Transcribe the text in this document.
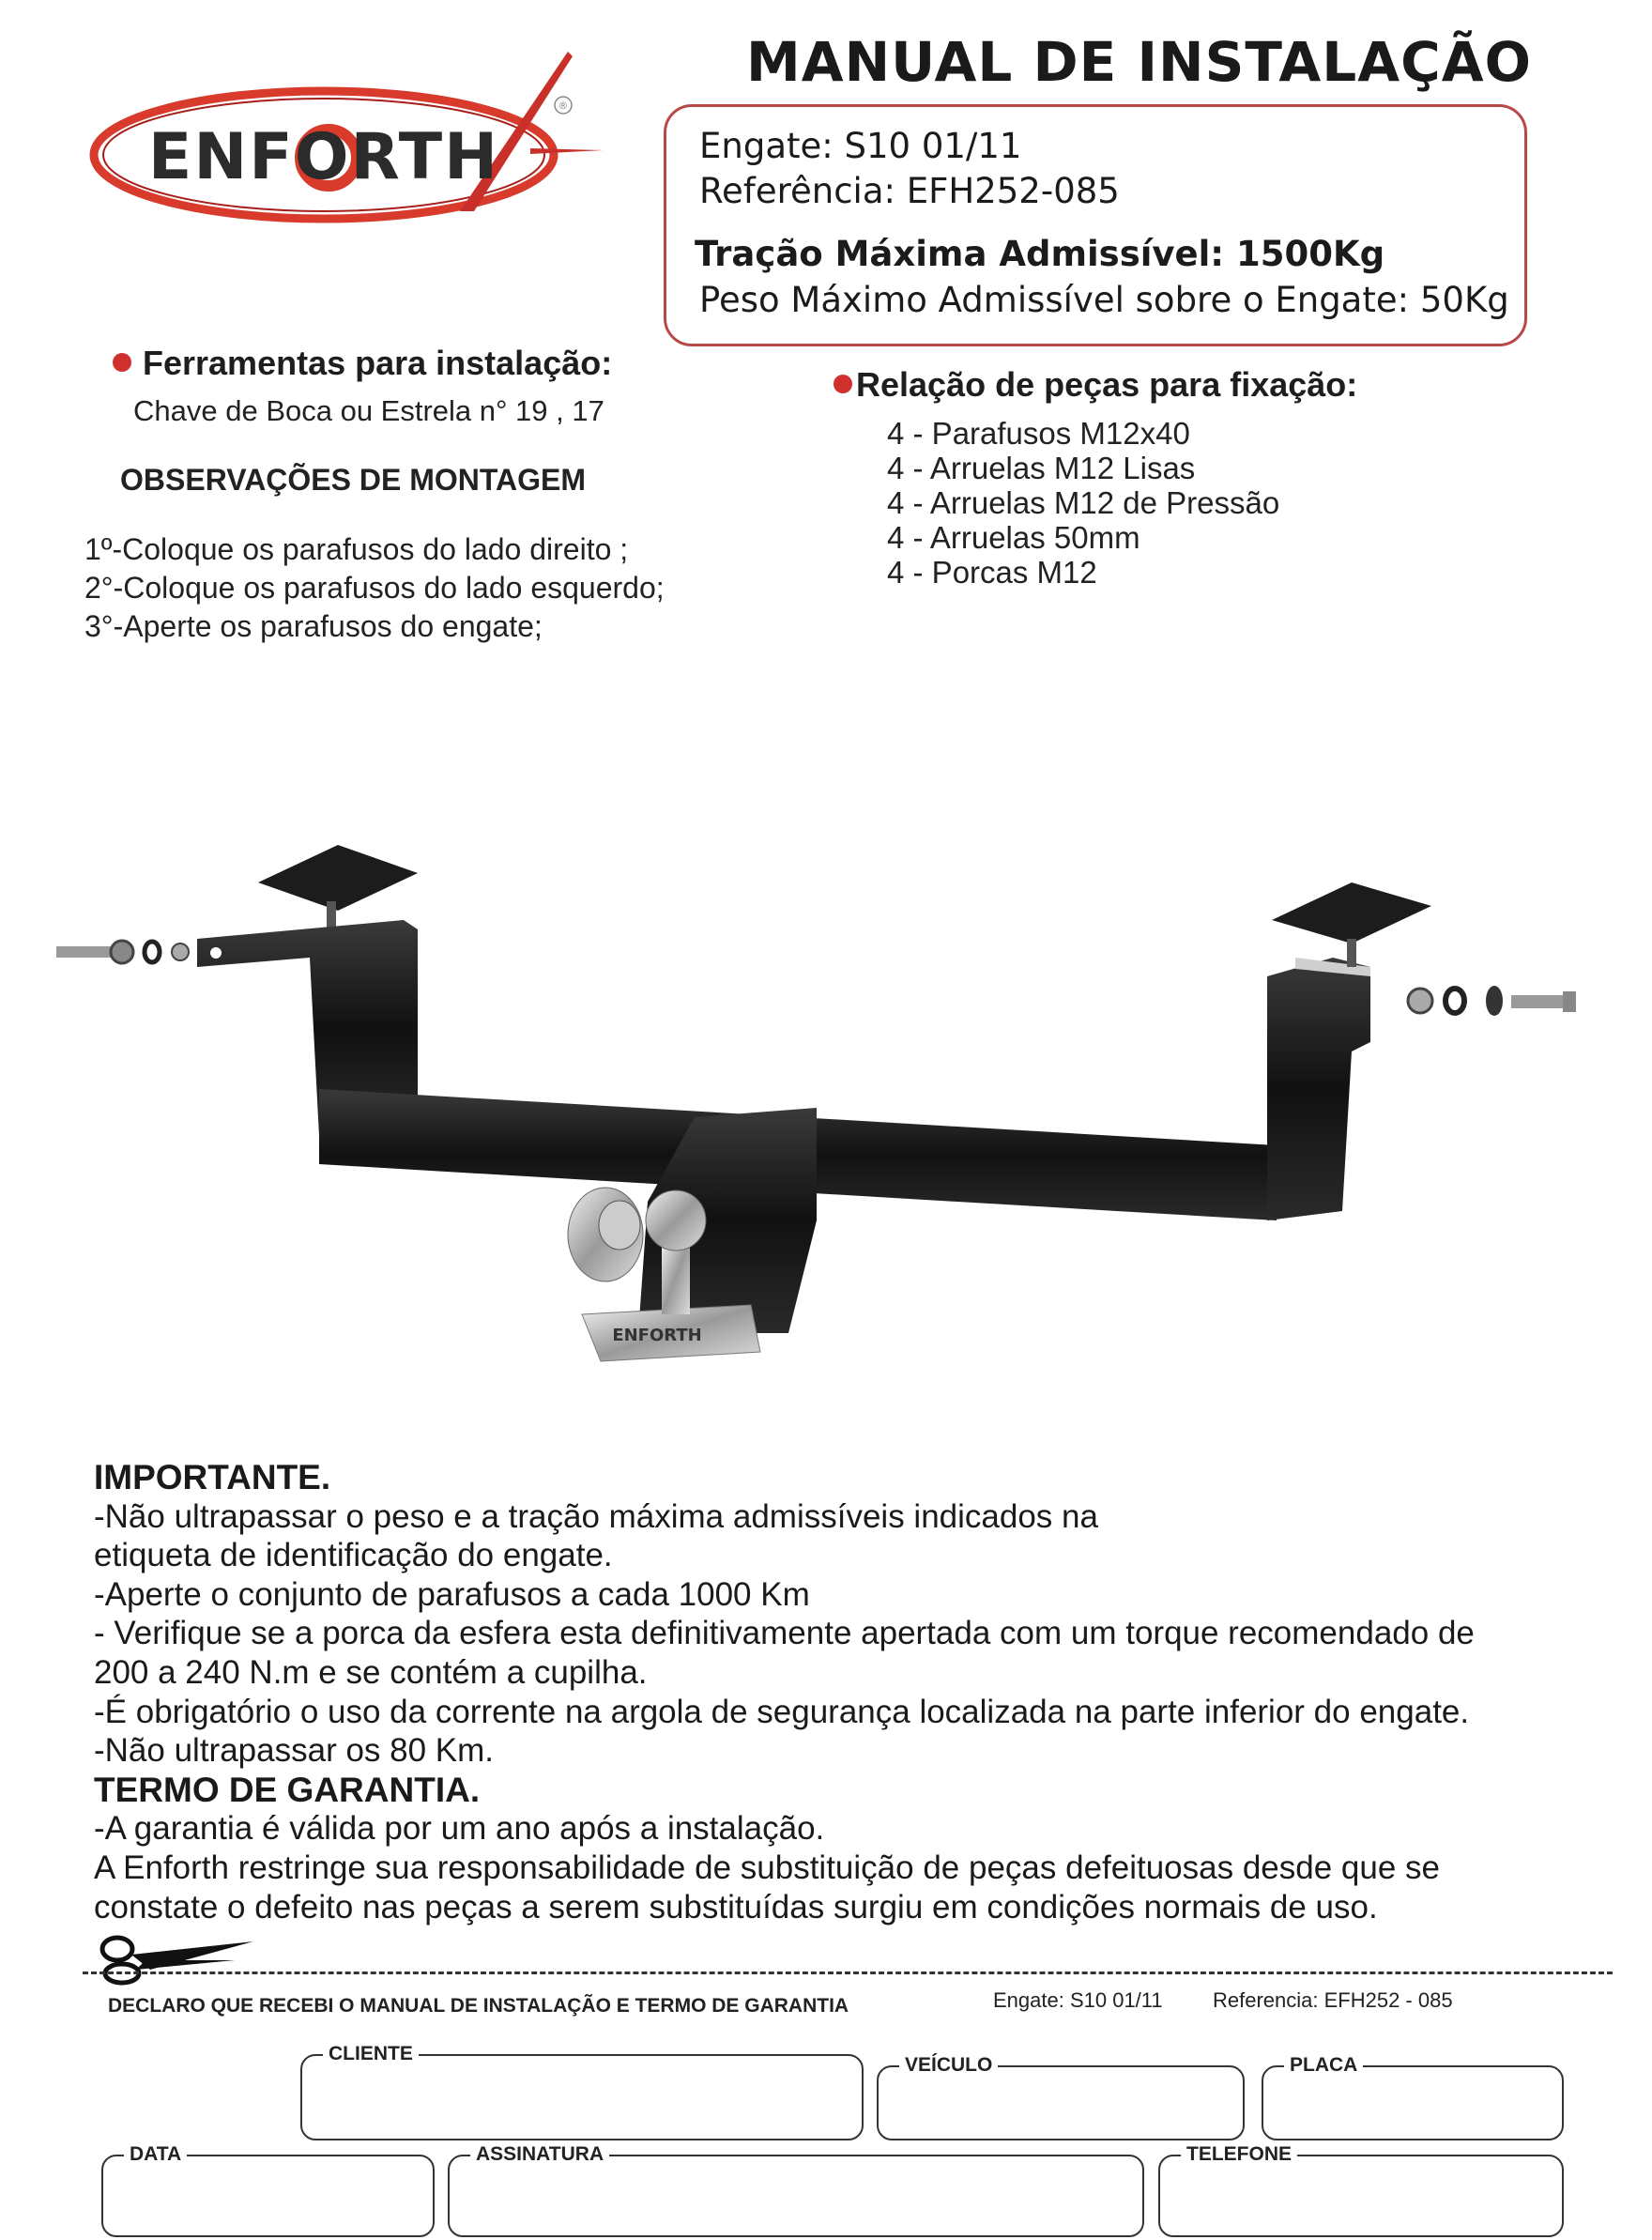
®
ENFORTH
MANUAL DE INSTALAÇÃO
Engate: S10 01/11
Referência: EFH252-085
Tração Máxima Admissível: 1500Kg
Peso Máximo Admissível sobre o Engate: 50Kg
Ferramentas para instalação:
Chave de Boca ou Estrela n° 19 , 17
Relação de peças para fixação:
4 - Parafusos M12x40
4 - Arruelas M12 Lisas
4 - Arruelas M12 de Pressão
4 - Arruelas 50mm
4 - Porcas M12
OBSERVAÇÕES DE MONTAGEM
1º-Coloque os parafusos do lado direito ;
2°-Coloque os parafusos do lado esquerdo;
3°-Aperte os parafusos do engate;
ENFORTH
IMPORTANTE.
-Não ultrapassar o peso e a tração máxima admissíveis indicados na
etiqueta de identificação do engate.
-Aperte o conjunto de parafusos a cada 1000 Km
- Verifique se a porca da esfera esta definitivamente apertada com um torque recomendado de
200 a 240 N.m e se contém a cupilha.
-É obrigatório o uso da corrente na argola de segurança localizada na parte inferior do engate.
-Não ultrapassar os 80 Km.
TERMO DE GARANTIA.
-A garantia é válida por um ano após a instalação.
A Enforth restringe sua responsabilidade de substituição de peças defeituosas desde que se
constate o defeito nas peças a serem substituídas surgiu em condições normais de uso.
DECLARO QUE RECEBI O MANUAL DE INSTALAÇÃO E TERMO DE GARANTIA	Engate: S10 01/11 Referencia: EFH252 - 085
CLIENTE
VEÍCULO	PLACA
DATA	ASSINATURA	TELEFONE
